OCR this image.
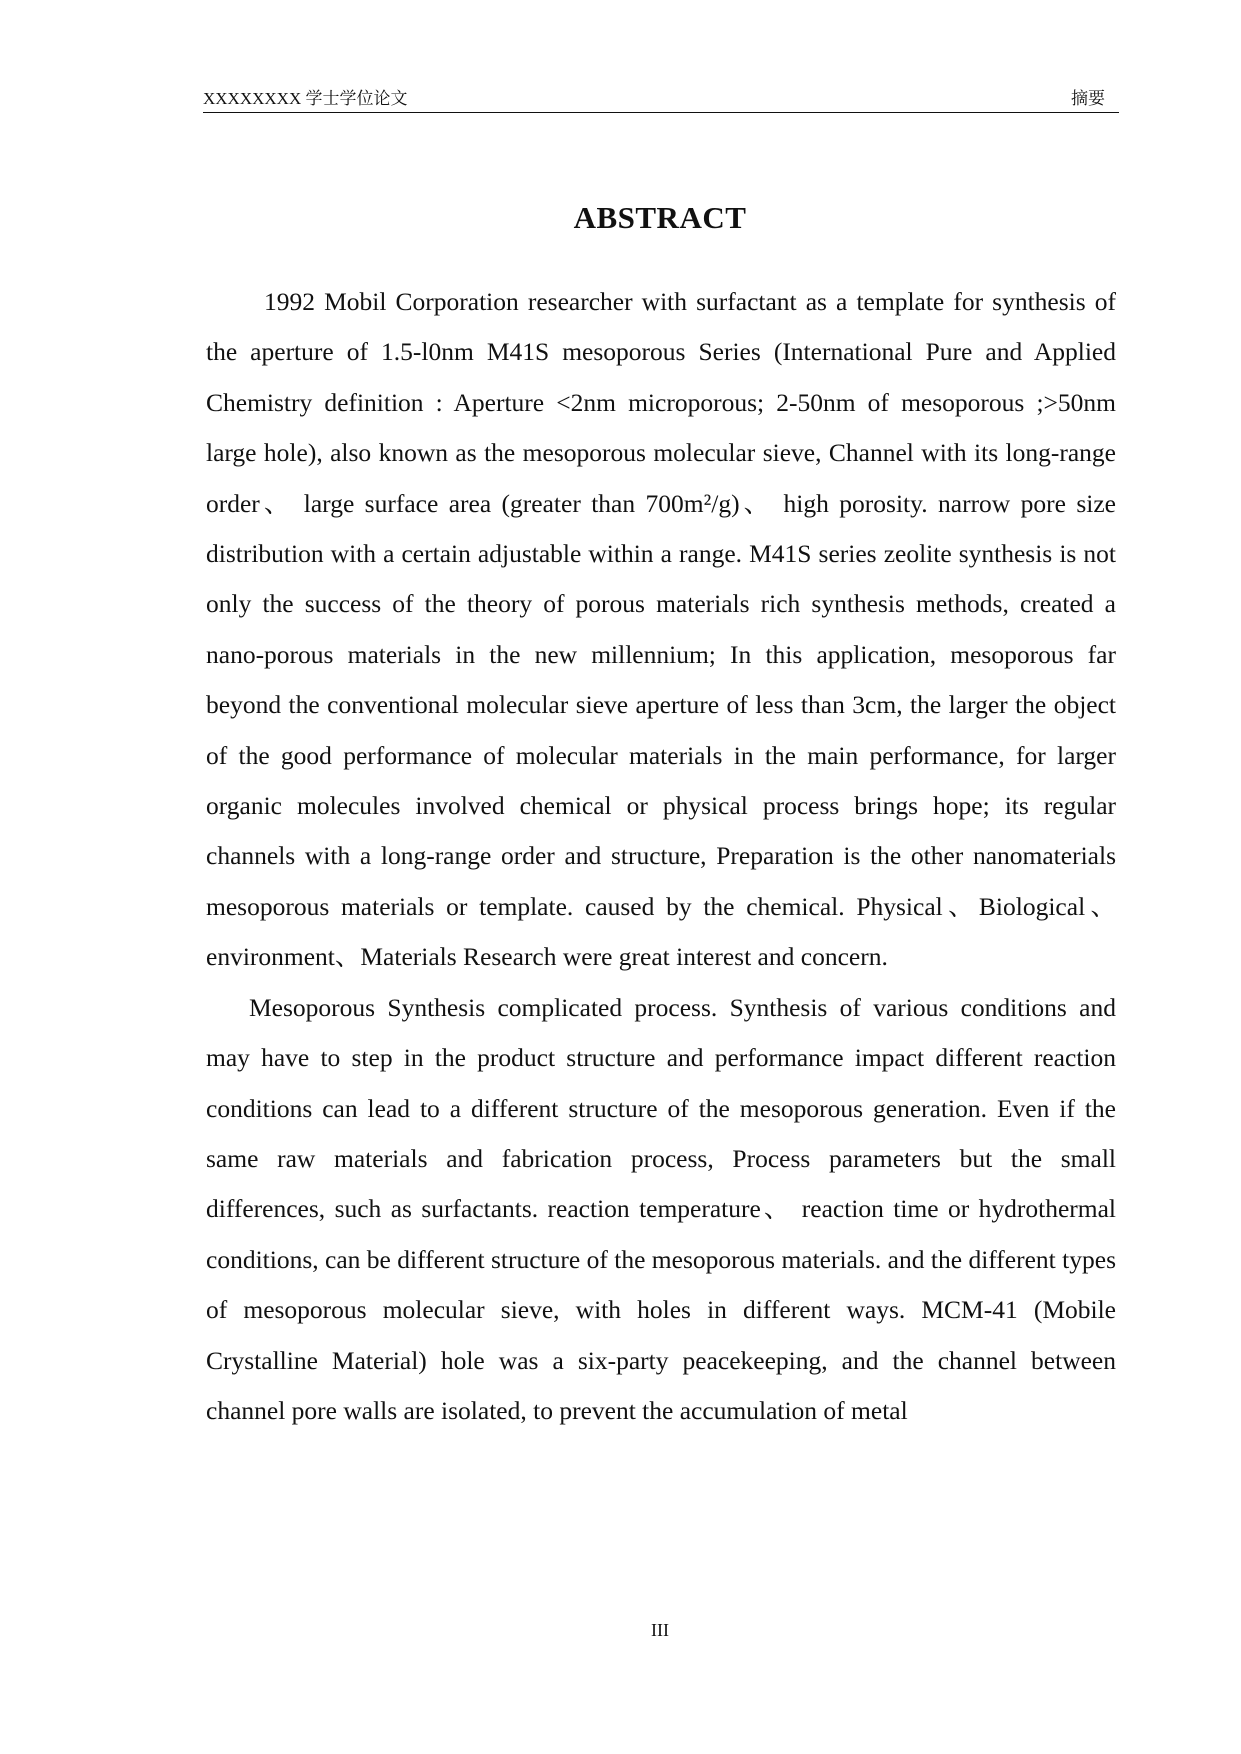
XXXXXXXX 学士学位论文	摘要
ABSTRACT

1992 Mobil Corporation researcher with surfactant as a template for synthesis of the aperture of 1.5-l0nm M41S mesoporous Series (International Pure and Applied Chemistry definition : Aperture <2nm microporous; 2-50nm of mesoporous ;>50nm large hole), also known as the mesoporous molecular sieve, Channel with its long-range order、 large surface area (greater than 700m²/g)、 high porosity. narrow pore size distribution with a certain adjustable within a range. M41S series zeolite synthesis is not only the success of the theory of porous materials rich synthesis methods, created a nano-porous materials in the new millennium; In this application, mesoporous far beyond the conventional molecular sieve aperture of less than 3cm, the larger the object of the good performance of molecular materials in the main performance, for larger organic molecules involved chemical or physical process brings hope; its regular channels with a long-range order and structure, Preparation is the other nanomaterials mesoporous materials or template. caused by the chemical. Physical、Biological、 environment、Materials Research were great interest and concern.

Mesoporous Synthesis complicated process. Synthesis of various conditions and may have to step in the product structure and performance impact different reaction conditions can lead to a different structure of the mesoporous generation. Even if the same raw materials and fabrication process, Process parameters but the small differences, such as surfactants. reaction temperature、 reaction time or hydrothermal conditions, can be different structure of the mesoporous materials. and the different types of mesoporous molecular sieve, with holes in different ways. MCM-41 (Mobile Crystalline Material) hole was a six-party peacekeeping, and the channel between channel pore walls are isolated, to prevent the accumulation of metal

III
